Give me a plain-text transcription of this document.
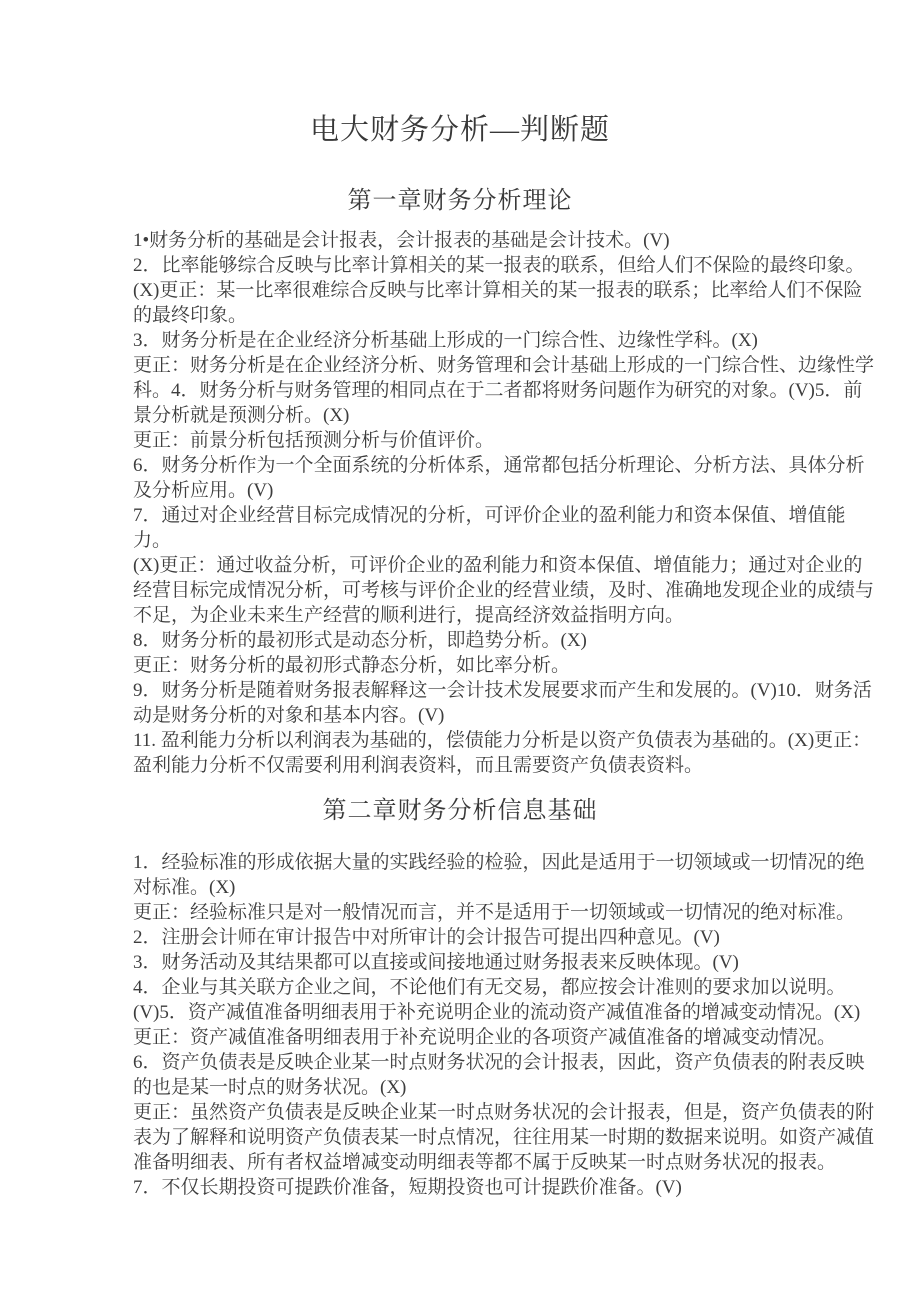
电大财务分析—判断题
第一章财务分析理论

1•财务分析的基础是会计报表，会计报表的基础是会计技术。(V)

2．比率能够综合反映与比率计算相关的某一报表的联系，但给人们不保险的最终印象。

(X)更正：某一比率很难综合反映与比率计算相关的某一报表的联系；比率给人们不保险

的最终印象。

3．财务分析是在企业经济分析基础上形成的一门综合性、边缘性学科。(X)

更正：财务分析是在企业经济分析、财务管理和会计基础上形成的一门综合性、边缘性学

科。4．财务分析与财务管理的相同点在于二者都将财务问题作为研究的对象。(V)5．前

景分析就是预测分析。(X)

更正：前景分析包括预测分析与价值评价。

6．财务分析作为一个全面系统的分析体系，通常都包括分析理论、分析方法、具体分析

及分析应用。(V)

7．通过对企业经营目标完成情况的分析，可评价企业的盈利能力和资本保值、增值能

力。

(X)更正：通过收益分析，可评价企业的盈利能力和资本保值、增值能力；通过对企业的

经营目标完成情况分析，可考核与评价企业的经营业绩，及时、准确地发现企业的成绩与

不足，为企业未来生产经营的顺利进行，提高经济效益指明方向。

8．财务分析的最初形式是动态分析，即趋势分析。(X)

更正：财务分析的最初形式静态分析，如比率分析。

9．财务分析是随着财务报表解释这一会计技术发展要求而产生和发展的。(V)10．财务活

动是财务分析的对象和基本内容。(V)

11. 盈利能力分析以利润表为基础的，偿债能力分析是以资产负债表为基础的。(X)更正：

盈利能力分析不仅需要利用利润表资料，而且需要资产负债表资料。

第二章财务分析信息基础

1．经验标准的形成依据大量的实践经验的检验，因此是适用于一切领域或一切情况的绝

对标准。(X)

更正：经验标准只是对一般情况而言，并不是适用于一切领域或一切情况的绝对标准。

2．注册会计师在审计报告中对所审计的会计报告可提出四种意见。(V)

3．财务活动及其结果都可以直接或间接地通过财务报表来反映体现。(V)

4．企业与其关联方企业之间，不论他们有无交易，都应按会计准则的要求加以说明。

(V)5．资产减值准备明细表用于补充说明企业的流动资产减值准备的增减变动情况。(X)

更正：资产减值准备明细表用于补充说明企业的各项资产减值准备的增减变动情况。

6．资产负债表是反映企业某一时点财务状况的会计报表，因此，资产负债表的附表反映

的也是某一时点的财务状况。(X)

更正：虽然资产负债表是反映企业某一时点财务状况的会计报表，但是，资产负债表的附

表为了解释和说明资产负债表某一时点情况，往往用某一时期的数据来说明。如资产减值

准备明细表、所有者权益增减变动明细表等都不属于反映某一时点财务状况的报表。

7．不仅长期投资可提跌价准备，短期投资也可计提跌价准备。(V)
